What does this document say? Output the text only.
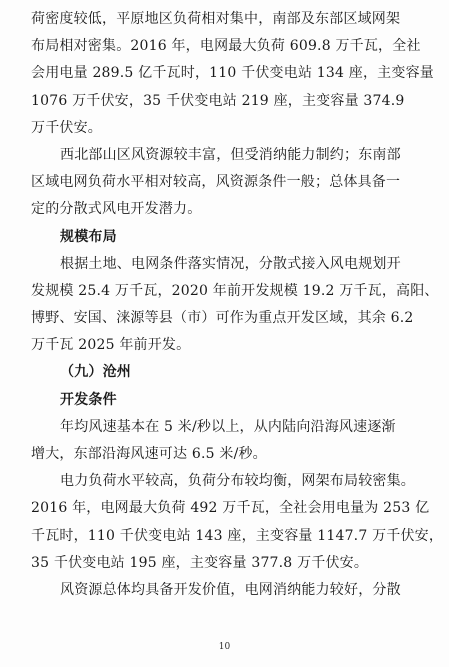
荷密度较低，平原地区负荷相对集中，南部及东部区域网架
布局相对密集。2016 年，电网最大负荷 609.8 万千瓦，全社
会用电量 289.5 亿千瓦时，110 千伏变电站 134 座，主变容量
1076 万千伏安，35 千伏变电站 219 座，主变容量 374.9
万千伏安。
西北部山区风资源较丰富，但受消纳能力制约；东南部
区域电网负荷水平相对较高，风资源条件一般；总体具备一
定的分散式风电开发潜力。
规模布局
根据土地、电网条件落实情况，分散式接入风电规划开
发规模 25.4 万千瓦，2020 年前开发规模 19.2 万千瓦，高阳、
博野、安国、涞源等县（市）可作为重点开发区域，其余 6.2
万千瓦 2025 年前开发。
（九）沧州
开发条件
年均风速基本在 5 米/秒以上，从内陆向沿海风速逐渐
增大，东部沿海风速可达 6.5 米/秒。
电力负荷水平较高，负荷分布较均衡，网架布局较密集。
2016 年，电网最大负荷 492 万千瓦，全社会用电量为 253 亿
千瓦时，110 千伏变电站 143 座，主变容量 1147.7 万千伏安，
35 千伏变电站 195 座，主变容量 377.8 万千伏安。
风资源总体均具备开发价值，电网消纳能力较好，分散
10
